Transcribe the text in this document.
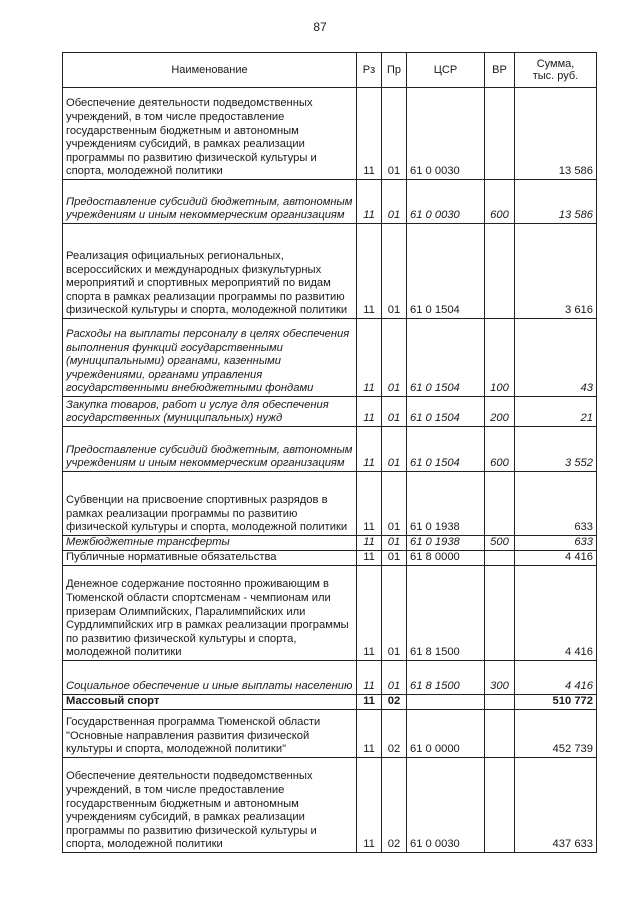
87
Наименование	Рз	Пр	ЦСР	ВР	Сумма,
тыс. руб.

Обеспечение деятельности подведомственных учреждений, в том числе предоставление государственным бюджетным и автономным учреждениям субсидий, в рамках реализации программы по развитию физической культуры и спорта, молодежной политики	11	01	61 0 0030		13 586
Предоставление субсидий бюджетным, автономным учреждениям и иным некоммерческим организациям	11	01	61 0 0030	600	13 586
Реализация официальных региональных, всероссийских и международных физкультурных мероприятий и спортивных мероприятий по видам спорта в рамках реализации программы по развитию физической культуры и спорта, молодежной политики	11	01	61 0 1504		3 616
Расходы на выплаты персоналу в целях обеспечения выполнения функций государственными (муниципальными) органами, казенными учреждениями, органами управления государственными внебюджетными фондами	11	01	61 0 1504	100	43
Закупка товаров, работ и услуг для обеспечения государственных (муниципальных) нужд	11	01	61 0 1504	200	21
Предоставление субсидий бюджетным, автономным учреждениям и иным некоммерческим организациям	11	01	61 0 1504	600	3 552
Субвенции на присвоение спортивных разрядов в рамках реализации программы по развитию физической культуры и спорта, молодежной политики	11	01	61 0 1938		633
Межбюджетные трансферты	11	01	61 0 1938	500	633
Публичные нормативные обязательства	11	01	61 8 0000		4 416
Денежное содержание постоянно проживающим в Тюменской области спортсменам - чемпионам или призерам Олимпийских, Паралимпийских или Сурдлимпийских игр в рамках реализации программы по развитию физической культуры и спорта, молодежной политики	11	01	61 8 1500		4 416
Социальное обеспечение и иные выплаты населению	11	01	61 8 1500	300	4 416
Массовый спорт	11	02			510 772
Государственная программа Тюменской области "Основные направления развития физической культуры и спорта, молодежной политики"	11	02	61 0 0000		452 739
Обеспечение деятельности подведомственных учреждений, в том числе предоставление государственным бюджетным и автономным учреждениям субсидий, в рамках реализации программы по развитию физической культуры и спорта, молодежной политики	11	02	61 0 0030		437 633
